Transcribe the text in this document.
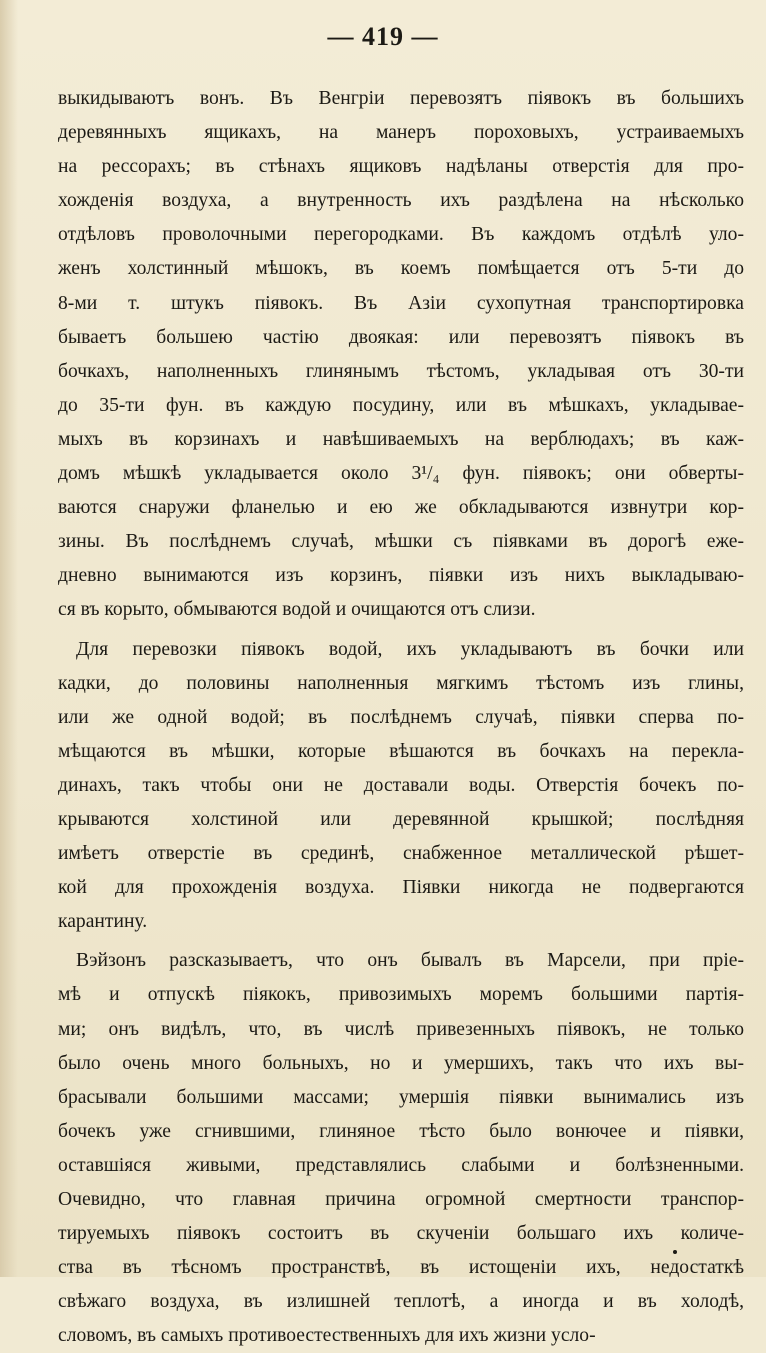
— 419 —
выкидываютъ вонъ. Въ Венгріи перевозятъ піявокъ въ большихъ
деревянныхъ ящикахъ, на манеръ пороховыхъ, устраиваемыхъ
на рессорахъ; въ стѣнахъ ящиковъ надѣланы отверстія для про-
хожденія воздуха, а внутренность ихъ раздѣлена на нѣсколько
отдѣловъ проволочными перегородками. Въ каждомъ отдѣлѣ уло-
женъ холстинный мѣшокъ, въ коемъ помѣщается отъ 5-ти до
8-ми т. штукъ піявокъ. Въ Азіи сухопутная транспортировка
бываетъ большею частію двоякая: или перевозятъ піявокъ въ
бочкахъ, наполненныхъ глинянымъ тѣстомъ, укладывая отъ 30-ти
до 35-ти фун. въ каждую посудину, или въ мѣшкахъ, укладывае-
мыхъ въ корзинахъ и навѣшиваемыхъ на верблюдахъ; въ каж-
домъ мѣшкѣ укладывается около 3¹/₄ фун. піявокъ; они обверты-
ваются снаружи фланелью и ею же обкладываются извнутри кор-
зины. Въ послѣднемъ случаѣ, мѣшки съ піявками въ дорогѣ еже-
дневно вынимаются изъ корзинъ, піявки изъ нихъ выкладываю-
ся въ корыто, обмываются водой и очищаются отъ слизи.
Для перевозки піявокъ водой, ихъ укладываютъ въ бочки или
кадки, до половины наполненныя мягкимъ тѣстомъ изъ глины,
или же одной водой; въ послѣднемъ случаѣ, піявки сперва по-
мѣщаются въ мѣшки, которые вѣшаются въ бочкахъ на перекла-
динахъ, такъ чтобы они не доставали воды. Отверстія бочекъ по-
крываются холстиной или деревянной крышкой; послѣдняя
имѣетъ отверстіе въ срединѣ, снабженное металлической рѣшет-
кой для прохожденія воздуха. Піявки никогда не подвергаются
карантину.
Вэйзонъ разсказываетъ, что онъ бывалъ въ Марсели, при пріе-
мѣ и отпускѣ піякокъ, привозимыхъ моремъ большими партія-
ми; онъ видѣлъ, что, въ числѣ привезенныхъ піявокъ, не только
было очень много больныхъ, но и умершихъ, такъ что ихъ вы-
брасывали большими массами; умершія піявки вынимались изъ
бочекъ уже сгнившими, глиняное тѣсто было вонючее и піявки,
оставшіяся живыми, представлялись слабыми и болѣзненными.
Очевидно, что главная причина огромной смертности транспор-
тируемыхъ піявокъ состоитъ въ скученіи большаго ихъ количе-
ства въ тѣсномъ пространствѣ, въ истощеніи ихъ, недостаткѣ
свѣжаго воздуха, въ излишней теплотѣ, а иногда и въ холодѣ,
словомъ, въ самыхъ противоестественныхъ для ихъ жизни усло-
